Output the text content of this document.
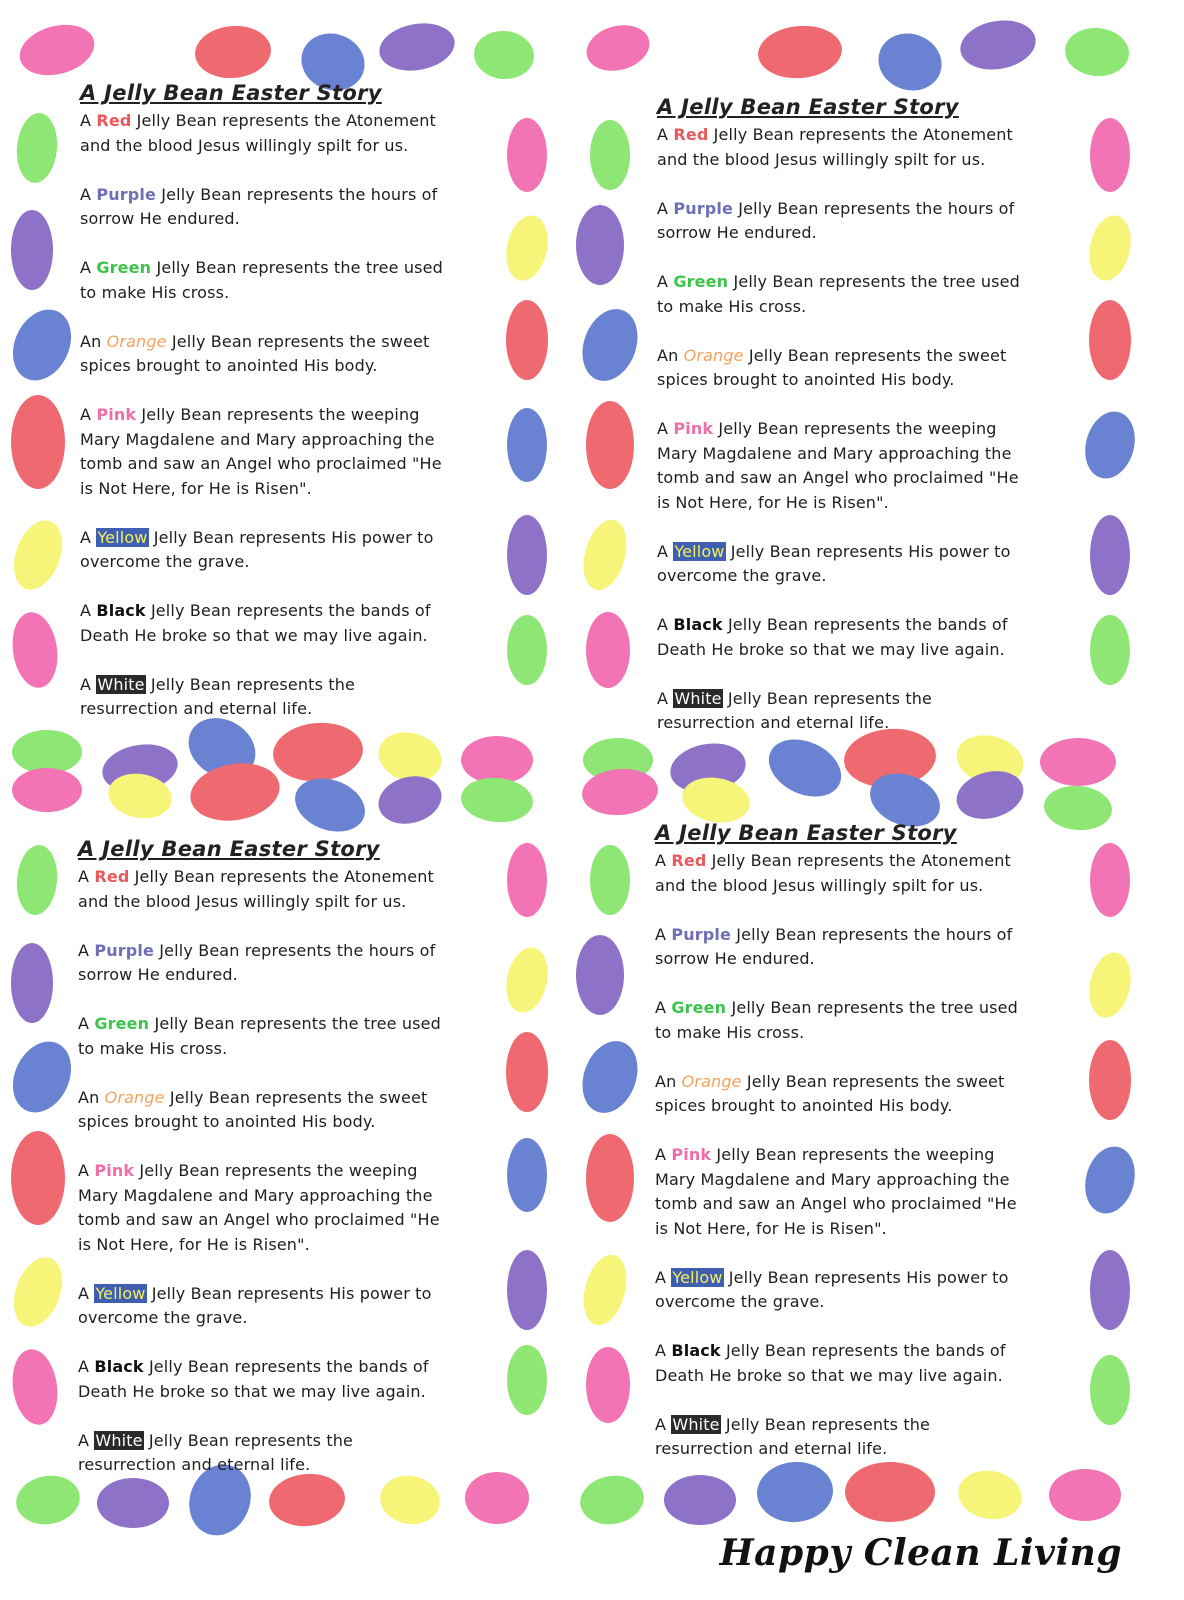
A Jelly Bean Easter Story
A Red Jelly Bean represents the Atonement and the blood Jesus willingly spilt for us.
A Purple Jelly Bean represents the hours of sorrow He endured.
A Green Jelly Bean represents the tree used to make His cross.
An Orange Jelly Bean represents the sweet spices brought to anointed His body.
A Pink Jelly Bean represents the weeping Mary Magdalene and Mary approaching the tomb and saw an Angel who proclaimed "He is Not Here, for He is Risen".
A Yellow Jelly Bean represents His power to overcome the grave.
A Black Jelly Bean represents the bands of Death He broke so that we may live again.
A White Jelly Bean represents the resurrection and eternal life.
A Jelly Bean Easter Story
A Red Jelly Bean represents the Atonement and the blood Jesus willingly spilt for us.
A Purple Jelly Bean represents the hours of sorrow He endured.
A Green Jelly Bean represents the tree used to make His cross.
An Orange Jelly Bean represents the sweet spices brought to anointed His body.
A Pink Jelly Bean represents the weeping Mary Magdalene and Mary approaching the tomb and saw an Angel who proclaimed "He is Not Here, for He is Risen".
A Yellow Jelly Bean represents His power to overcome the grave.
A Black Jelly Bean represents the bands of Death He broke so that we may live again.
A White Jelly Bean represents the resurrection and eternal life.
A Jelly Bean Easter Story
A Red Jelly Bean represents the Atonement and the blood Jesus willingly spilt for us.
A Purple Jelly Bean represents the hours of sorrow He endured.
A Green Jelly Bean represents the tree used to make His cross.
An Orange Jelly Bean represents the sweet spices brought to anointed His body.
A Pink Jelly Bean represents the weeping Mary Magdalene and Mary approaching the tomb and saw an Angel who proclaimed "He is Not Here, for He is Risen".
A Yellow Jelly Bean represents His power to overcome the grave.
A Black Jelly Bean represents the bands of Death He broke so that we may live again.
A White Jelly Bean represents the resurrection and eternal life.
A Jelly Bean Easter Story
A Red Jelly Bean represents the Atonement and the blood Jesus willingly spilt for us.
A Purple Jelly Bean represents the hours of sorrow He endured.
A Green Jelly Bean represents the tree used to make His cross.
An Orange Jelly Bean represents the sweet spices brought to anointed His body.
A Pink Jelly Bean represents the weeping Mary Magdalene and Mary approaching the tomb and saw an Angel who proclaimed "He is Not Here, for He is Risen".
A Yellow Jelly Bean represents His power to overcome the grave.
A Black Jelly Bean represents the bands of Death He broke so that we may live again.
A White Jelly Bean represents the resurrection and eternal life.
Happy Clean Living
